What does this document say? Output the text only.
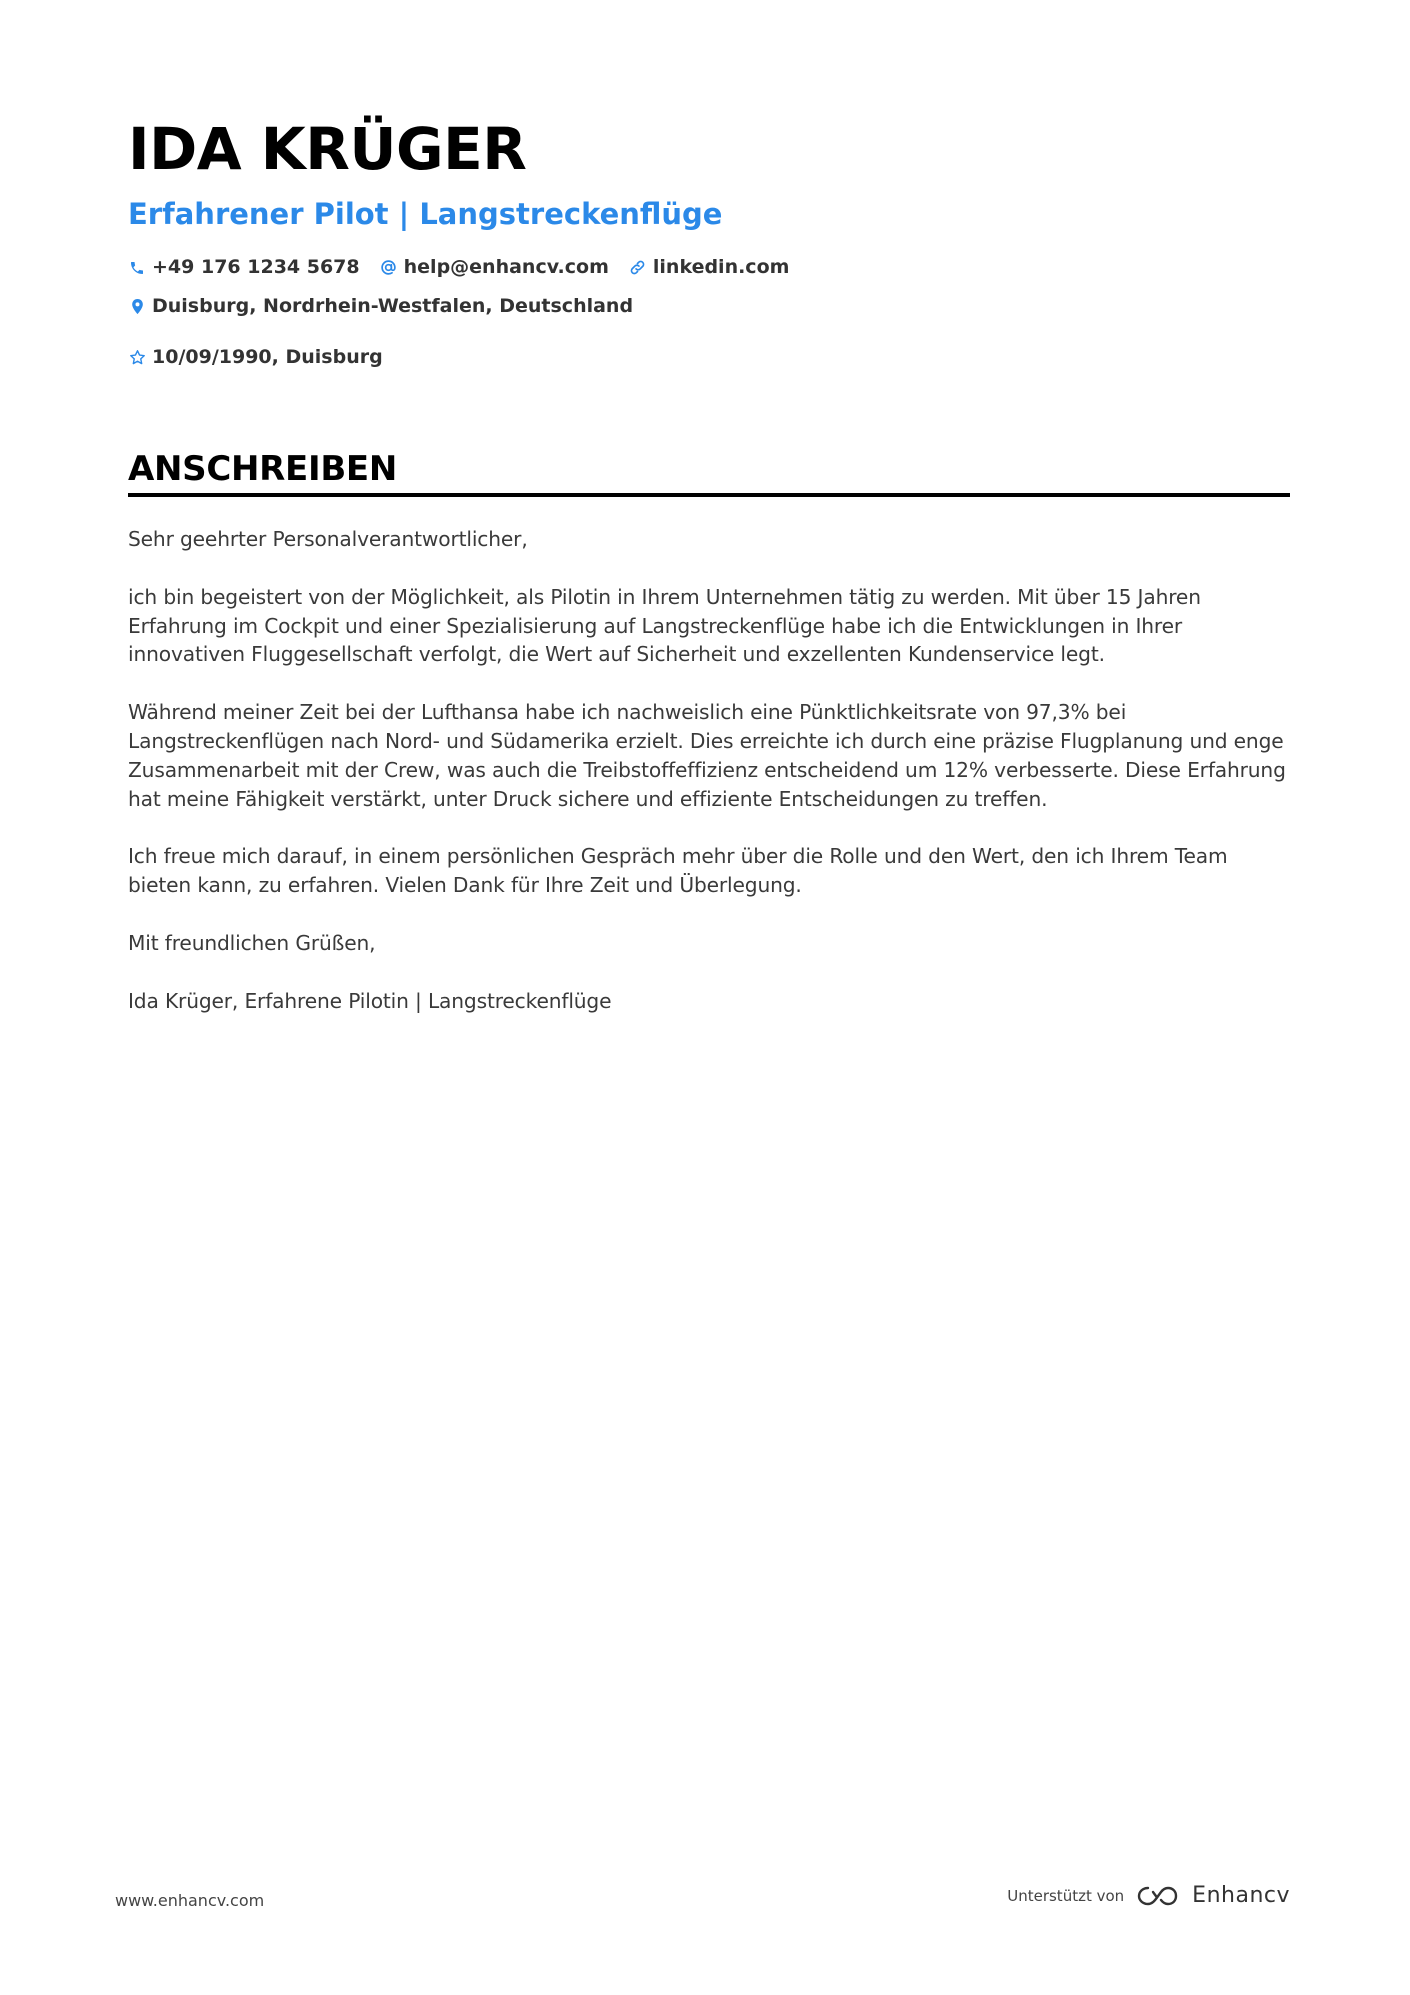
IDA KRÜGER
Erfahrener Pilot | Langstreckenflüge
+49 176 1234 5678 help@enhancv.com linkedin.com
Duisburg, Nordrhein-Westfalen, Deutschland
10/09/1990, Duisburg
ANSCHREIBEN

Sehr geehrter Personalverantwortlicher,

ich bin begeistert von der Möglichkeit, als Pilotin in Ihrem Unternehmen tätig zu werden. Mit über 15 Jahren Erfahrung im Cockpit und einer Spezialisierung auf Langstreckenflüge habe ich die Entwicklungen in Ihrer innovativen Fluggesellschaft verfolgt, die Wert auf Sicherheit und exzellenten Kundenservice legt.

Während meiner Zeit bei der Lufthansa habe ich nachweislich eine Pünktlichkeitsrate von 97,3% bei Langstreckenflügen nach Nord- und Südamerika erzielt. Dies erreichte ich durch eine präzise Flugplanung und enge Zusammenarbeit mit der Crew, was auch die Treibstoffeffizienz entscheidend um 12% verbesserte. Diese Erfahrung hat meine Fähigkeit verstärkt, unter Druck sichere und effiziente Entscheidungen zu treffen.

Ich freue mich darauf, in einem persönlichen Gespräch mehr über die Rolle und den Wert, den ich Ihrem Team bieten kann, zu erfahren. Vielen Dank für Ihre Zeit und Überlegung.

Mit freundlichen Grüßen,

Ida Krüger, Erfahrene Pilotin | Langstreckenflüge

www.enhancv.com	Unterstützt von	Enhancv
